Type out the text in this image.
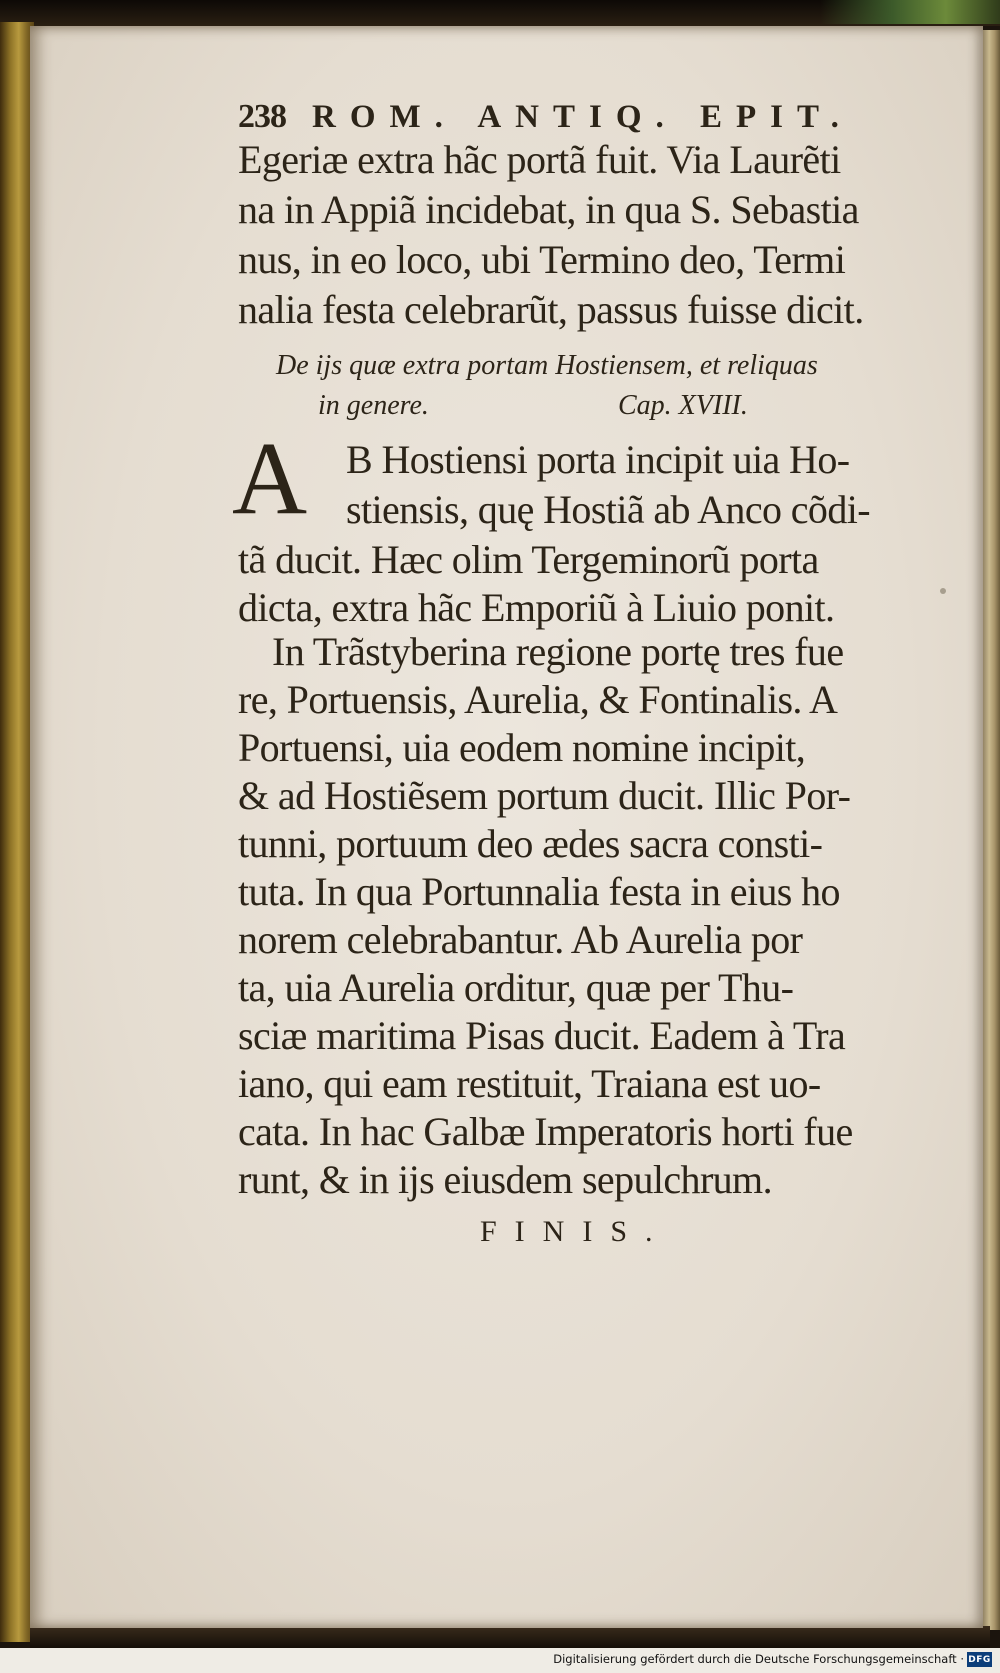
238 ROM. ANTIQ. EPIT.
Egeriæ extra hãc portã fuit. Via Laurẽti
na in Appiã incidebat, in qua S. Sebastia
nus, in eo loco, ubi Termino deo, Termi
nalia festa celebrarũt, passus fuisse dicit.
De ijs quæ extra portam Hostiensem, et reliquas
in genere.	Cap. XVIII.
A B Hostiensi porta incipit uia Ho-
stiensis, quę Hostiã ab Anco cõdi-
tã ducit. Hæc olim Tergeminorũ porta
dicta, extra hãc Emporiũ à Liuio ponit.
In Trãstyberina regione portę tres fue
re, Portuensis, Aurelia, & Fontinalis. A
Portuensi, uia eodem nomine incipit,
& ad Hostiẽsem portum ducit. Illic Por-
tunni, portuum deo ædes sacra consti-
tuta. In qua Portunnalia festa in eius ho
norem celebrabantur. Ab Aurelia por
ta, uia Aurelia orditur, quæ per Thu-
sciæ maritima Pisas ducit. Eadem à Tra
iano, qui eam restituit, Traiana est uo-
cata. In hac Galbæ Imperatoris horti fue
runt, & in ijs eiusdem sepulchrum.
FINIS.
Digitalisierung gefördert durch die Deutsche Forschungsgemeinschaft · DFG
